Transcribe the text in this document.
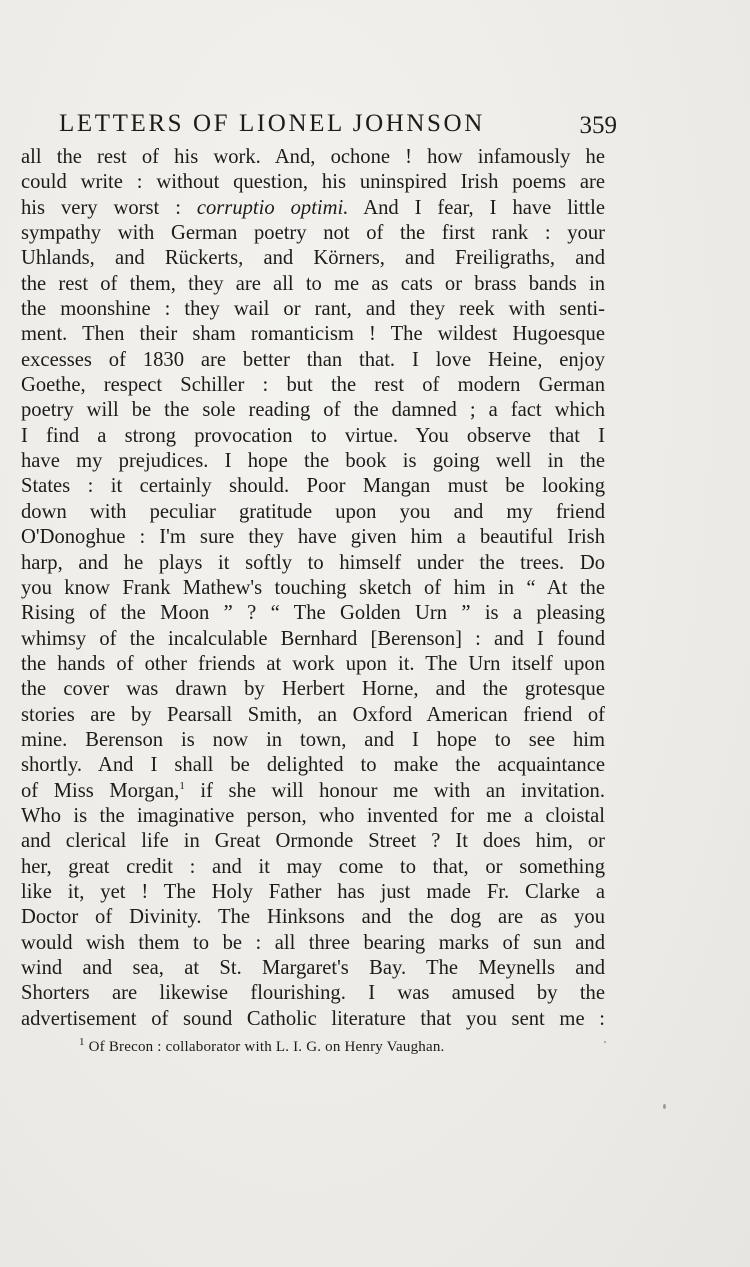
LETTERS OF LIONEL JOHNSON	359
all the rest of his work. And, ochone ! how infamously he
could write : without question, his uninspired Irish poems are
his very worst : corruptio optimi. And I fear, I have little
sympathy with German poetry not of the first rank : your
Uhlands, and Rückerts, and Körners, and Freiligraths, and
the rest of them, they are all to me as cats or brass bands in
the moonshine : they wail or rant, and they reek with senti-
ment. Then their sham romanticism ! The wildest Hugoesque
excesses of 1830 are better than that. I love Heine, enjoy
Goethe, respect Schiller : but the rest of modern German
poetry will be the sole reading of the damned ; a fact which
I find a strong provocation to virtue. You observe that I
have my prejudices. I hope the book is going well in the
States : it certainly should. Poor Mangan must be looking
down with peculiar gratitude upon you and my friend
O'Donoghue : I'm sure they have given him a beautiful Irish
harp, and he plays it softly to himself under the trees. Do
you know Frank Mathew's touching sketch of him in “ At the
Rising of the Moon ” ? “ The Golden Urn ” is a pleasing
whimsy of the incalculable Bernhard [Berenson] : and I found
the hands of other friends at work upon it. The Urn itself upon
the cover was drawn by Herbert Horne, and the grotesque
stories are by Pearsall Smith, an Oxford American friend of
mine. Berenson is now in town, and I hope to see him
shortly. And I shall be delighted to make the acquaintance
of Miss Morgan,$^1$ if she will honour me with an invitation.
Who is the imaginative person, who invented for me a cloistal
and clerical life in Great Ormonde Street ? It does him, or
her, great credit : and it may come to that, or something
like it, yet ! The Holy Father has just made Fr. Clarke a
Doctor of Divinity. The Hinksons and the dog are as you
would wish them to be : all three bearing marks of sun and
wind and sea, at St. Margaret's Bay. The Meynells and
Shorters are likewise flourishing. I was amused by the
advertisement of sound Catholic literature that you sent me :
$^1$ Of Brecon : collaborator with L. I. G. on Henry Vaughan.
